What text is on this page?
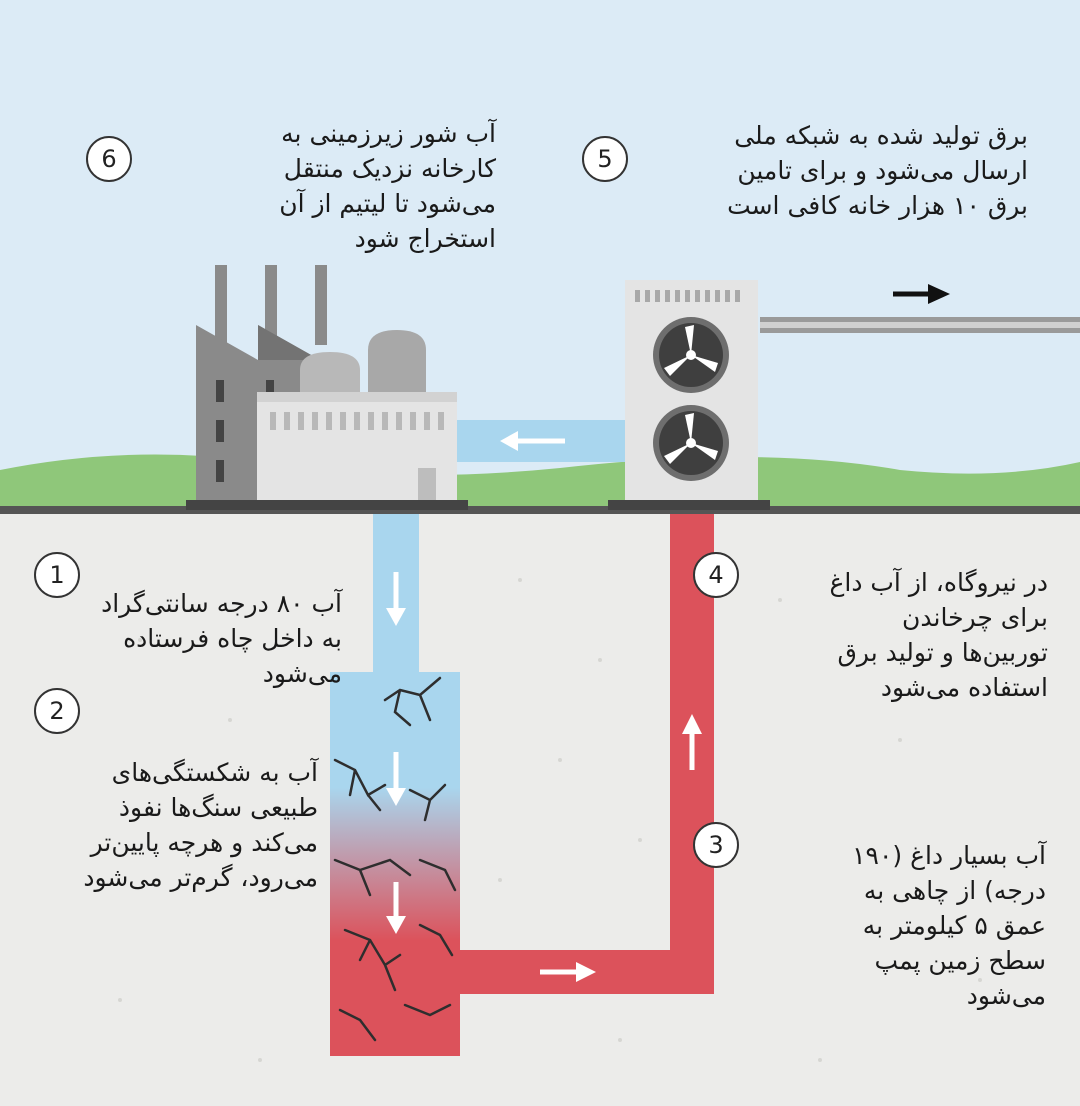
1
2
3
4
5
6

آب ۸۰ درجه سانتی‌گراد
به داخل چاه فرستاده
می‌شود

آب به شکستگی‌های
طبیعی سنگ‌ها نفوذ
می‌کند و هرچه پایین‌تر
می‌رود، گرم‌تر می‌شود

آب بسیار داغ (۱۹۰
درجه) از چاهی به
عمق ۵ کیلومتر به
سطح زمین پمپ
می‌شود

در نیروگاه، از آب داغ
برای چرخاندن
توربین‌ها و تولید برق
استفاده می‌شود

برق تولید شده به شبکه ملی
ارسال می‌شود و برای تامین
برق ۱۰ هزار خانه کافی است

آب شور زیرزمینی به
کارخانه نزدیک منتقل
می‌شود تا لیتیم از آن
استخراج شود
